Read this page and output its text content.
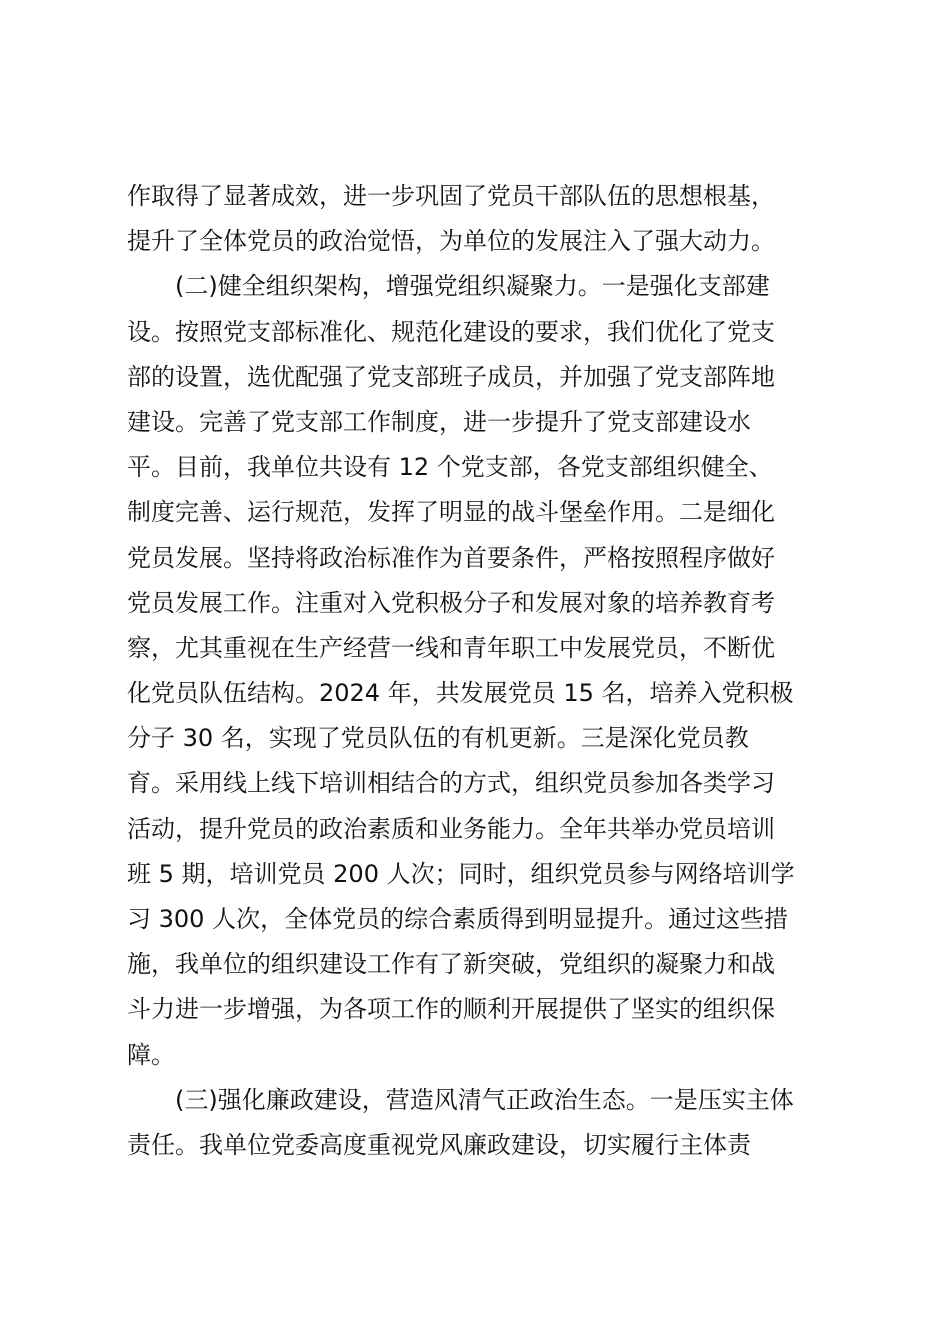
作取得了显著成效，进一步巩固了党员干部队伍的思想根基，
提升了全体党员的政治觉悟，为单位的发展注入了强大动力。
(二)健全组织架构，增强党组织凝聚力。一是强化支部建
设。按照党支部标准化、规范化建设的要求，我们优化了党支
部的设置，选优配强了党支部班子成员，并加强了党支部阵地
建设。完善了党支部工作制度，进一步提升了党支部建设水
平。目前，我单位共设有 12 个党支部，各党支部组织健全、
制度完善、运行规范，发挥了明显的战斗堡垒作用。二是细化
党员发展。坚持将政治标准作为首要条件，严格按照程序做好
党员发展工作。注重对入党积极分子和发展对象的培养教育考
察，尤其重视在生产经营一线和青年职工中发展党员，不断优
化党员队伍结构。2024 年，共发展党员 15 名，培养入党积极
分子 30 名，实现了党员队伍的有机更新。三是深化党员教
育。采用线上线下培训相结合的方式，组织党员参加各类学习
活动，提升党员的政治素质和业务能力。全年共举办党员培训
班 5 期，培训党员 200 人次；同时，组织党员参与网络培训学
习 300 人次，全体党员的综合素质得到明显提升。通过这些措
施，我单位的组织建设工作有了新突破，党组织的凝聚力和战
斗力进一步增强，为各项工作的顺利开展提供了坚实的组织保
障。
(三)强化廉政建设，营造风清气正政治生态。一是压实主体
责任。我单位党委高度重视党风廉政建设，切实履行主体责
